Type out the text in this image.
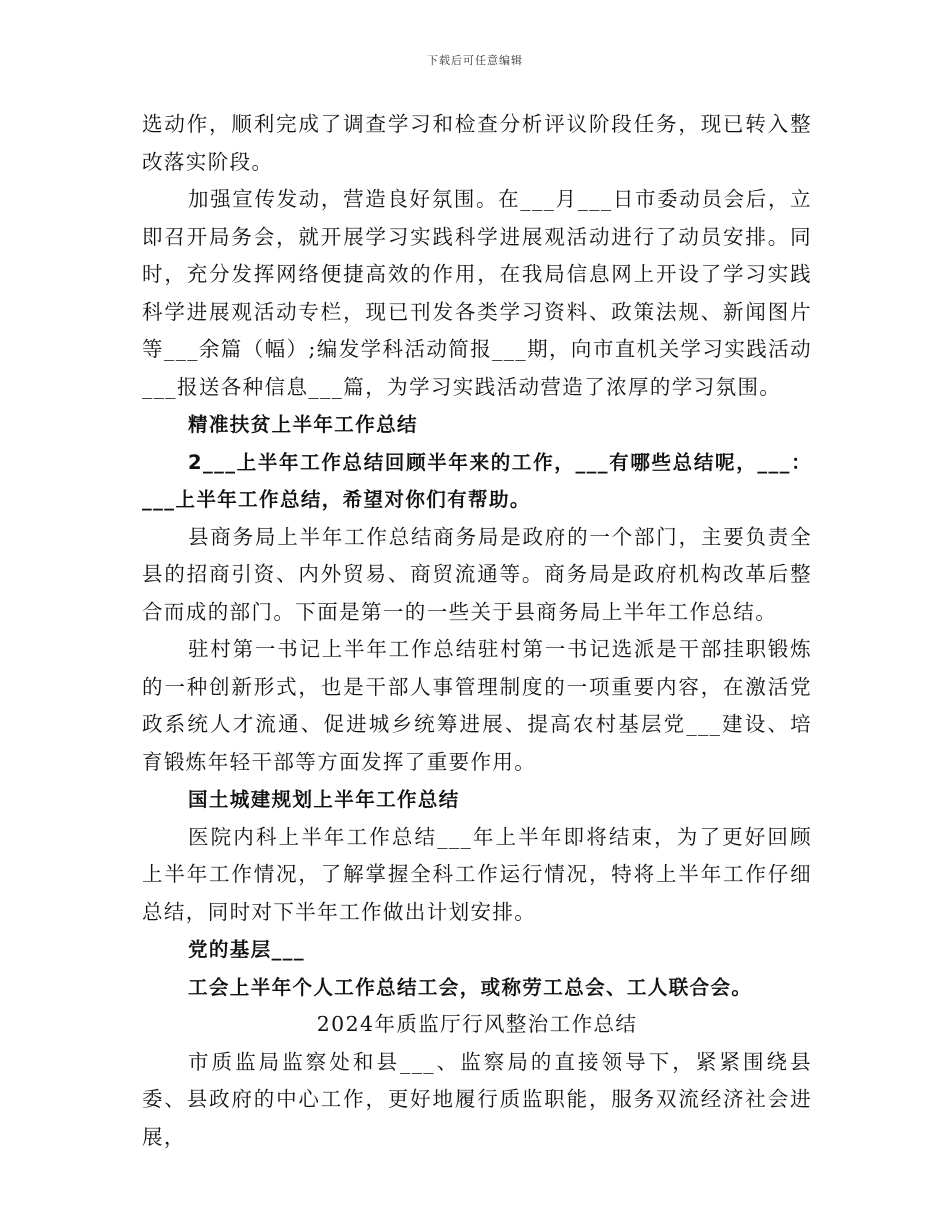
下载后可任意编辑

选动作，顺利完成了调查学习和检查分析评议阶段任务，现已转入整改落实阶段。

加强宣传发动，营造良好氛围。在___月___日市委动员会后，立即召开局务会，就开展学习实践科学进展观活动进行了动员安排。同时，充分发挥网络便捷高效的作用，在我局信息网上开设了学习实践科学进展观活动专栏，现已刊发各类学习资料、政策法规、新闻图片等___余篇（幅）;编发学科活动简报___期，向市直机关学习实践活动___报送各种信息___篇，为学习实践活动营造了浓厚的学习氛围。

精准扶贫上半年工作总结

2___上半年工作总结回顾半年来的工作，___有哪些总结呢，___：___上半年工作总结，希望对你们有帮助。

县商务局上半年工作总结商务局是政府的一个部门，主要负责全县的招商引资、内外贸易、商贸流通等。商务局是政府机构改革后整合而成的部门。下面是第一的一些关于县商务局上半年工作总结。

驻村第一书记上半年工作总结驻村第一书记选派是干部挂职锻炼的一种创新形式，也是干部人事管理制度的一项重要内容，在激活党政系统人才流通、促进城乡统筹进展、提高农村基层党___建设、培育锻炼年轻干部等方面发挥了重要作用。

国土城建规划上半年工作总结

医院内科上半年工作总结___年上半年即将结束，为了更好回顾上半年工作情况，了解掌握全科工作运行情况，特将上半年工作仔细总结，同时对下半年工作做出计划安排。

党的基层___

工会上半年个人工作总结工会，或称劳工总会、工人联合会。

2024年质监厅行风整治工作总结

市质监局监察处和县___、监察局的直接领导下，紧紧围绕县委、县政府的中心工作，更好地履行质监职能，服务双流经济社会进展，
